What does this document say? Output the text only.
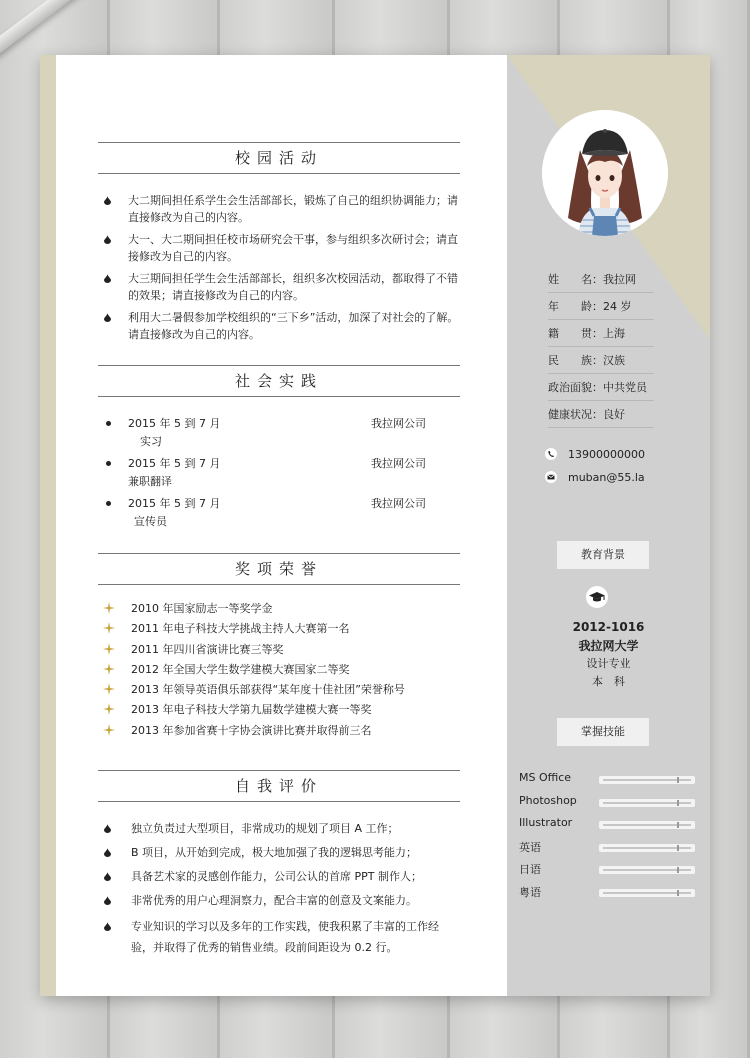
校园活动
大二期间担任系学生会生活部部长，锻炼了自己的组织协调能力；请直接修改为自己的内容。
大一、大二期间担任校市场研究会干事，参与组织多次研讨会；请直接修改为自己的内容。
大三期间担任学生会生活部部长，组织多次校园活动，都取得了不错的效果；请直接修改为自己的内容。
利用大二暑假参加学校组织的“三下乡”活动，加深了对社会的了解。请直接修改为自己的内容。
社会实践
2015 年 5 到 7 月	我拉网公司
实习
2015 年 5 到 7 月	我拉网公司
兼职翻译
2015 年 5 到 7 月	我拉网公司
宣传员
奖项荣誉
2010 年国家励志一等奖学金
2011 年电子科技大学挑战主持人大赛第一名
2011 年四川省演讲比赛三等奖
2012 年全国大学生数学建模大赛国家二等奖
2013 年领导英语俱乐部获得“某年度十佳社团”荣誉称号
2013 年电子科技大学第九届数学建模大赛一等奖
2013 年参加省赛十字协会演讲比赛并取得前三名
自我评价
独立负责过大型项目，非常成功的规划了项目 A 工作；
B 项目，从开始到完成，极大地加强了我的逻辑思考能力；
具备艺术家的灵感创作能力，公司公认的首席 PPT 制作人；
非常优秀的用户心理洞察力，配合丰富的创意及文案能力。
专业知识的学习以及多年的工作实践，使我积累了丰富的工作经验，并取得了优秀的销售业绩。段前间距设为 0.2 行。
姓　　名：我拉网
年　　龄：24 岁
籍　　贯：上海
民　　族：汉族
政治面貌：中共党员
健康状况：良好
13900000000
muban@55.la
教育背景
2012-1016
我拉网大学
设计专业
本　科
掌握技能
MS Office
Photoshop
Illustrator
英语
日语
粤语
